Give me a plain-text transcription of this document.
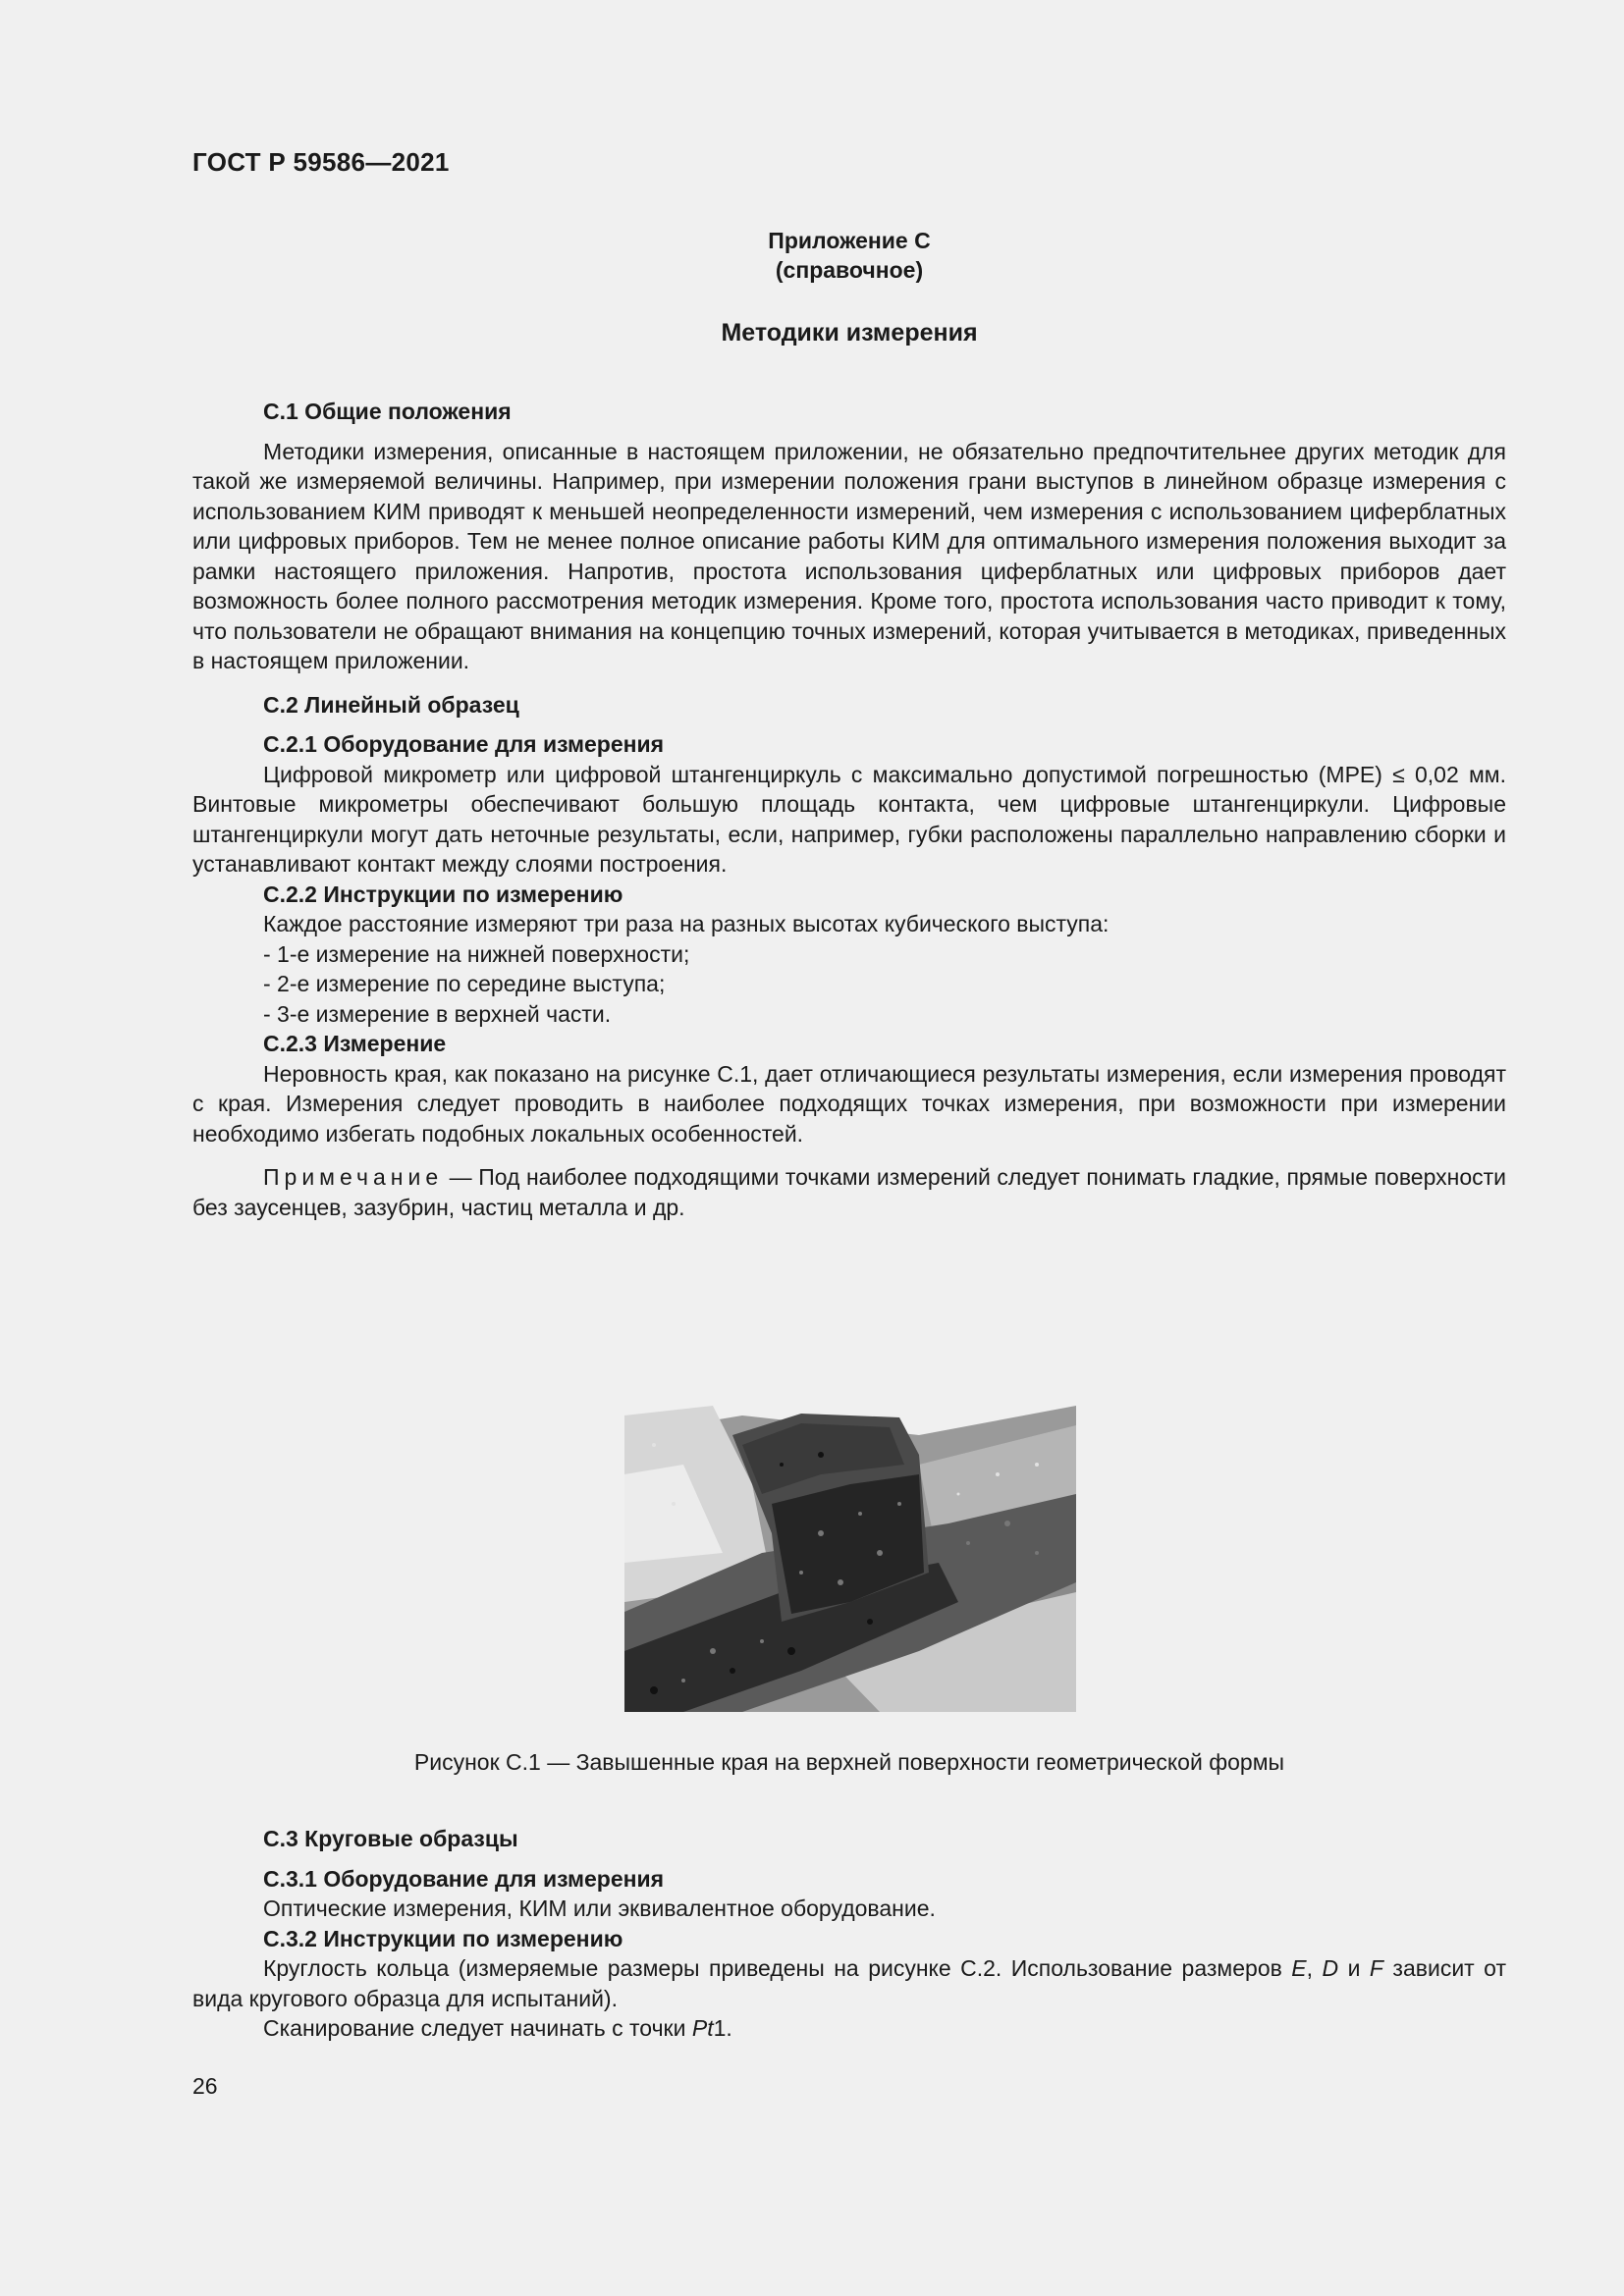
ГОСТ Р 59586—2021
Приложение С
(справочное)
Методики измерения
С.1 Общие положения

Методики измерения, описанные в настоящем приложении, не обязательно предпочтительнее других методик для такой же измеряемой величины. Например, при измерении положения грани выступов в линейном образце измерения с использованием КИМ приводят к меньшей неопределенности измерений, чем измерения с использованием циферблатных или цифровых приборов. Тем не менее полное описание работы КИМ для оптимального измерения положения выходит за рамки настоящего приложения. Напротив, простота использования циферблатных или цифровых приборов дает возможность более полного рассмотрения методик измерения. Кроме того, простота использования часто приводит к тому, что пользователи не обращают внимания на концепцию точных измерений, которая учитывается в методиках, приведенных в настоящем приложении.

С.2 Линейный образец
С.2.1 Оборудование для измерения

Цифровой микрометр или цифровой штангенциркуль с максимально допустимой погрешностью (MPE) ≤ 0,02 мм. Винтовые микрометры обеспечивают большую площадь контакта, чем цифровые штангенциркули. Цифровые штангенциркули могут дать неточные результаты, если, например, губки расположены параллельно направлению сборки и устанавливают контакт между слоями построения.

С.2.2 Инструкции по измерению
Каждое расстояние измеряют три раза на разных высотах кубического выступа:
- 1-е измерение на нижней поверхности;
- 2-е измерение по середине выступа;
- 3-е измерение в верхней части.
С.2.3 Измерение

Неровность края, как показано на рисунке С.1, дает отличающиеся результаты измерения, если измерения проводят с края. Измерения следует проводить в наиболее подходящих точках измерения, при возможности при измерении необходимо избегать подобных локальных особенностей.

Примечание — Под наиболее подходящими точками измерений следует понимать гладкие, прямые поверхности без заусенцев, зазубрин, частиц металла и др.

Рисунок С.1 — Завышенные края на верхней поверхности геометрической формы
С.3 Круговые образцы
С.3.1 Оборудование для измерения

Оптические измерения, КИМ или эквивалентное оборудование.

С.3.2 Инструкции по измерению

Круглость кольца (измеряемые размеры приведены на рисунке С.2. Использование размеров E, D и F зависит от вида кругового образца для испытаний).

Сканирование следует начинать с точки Pt1.

26
